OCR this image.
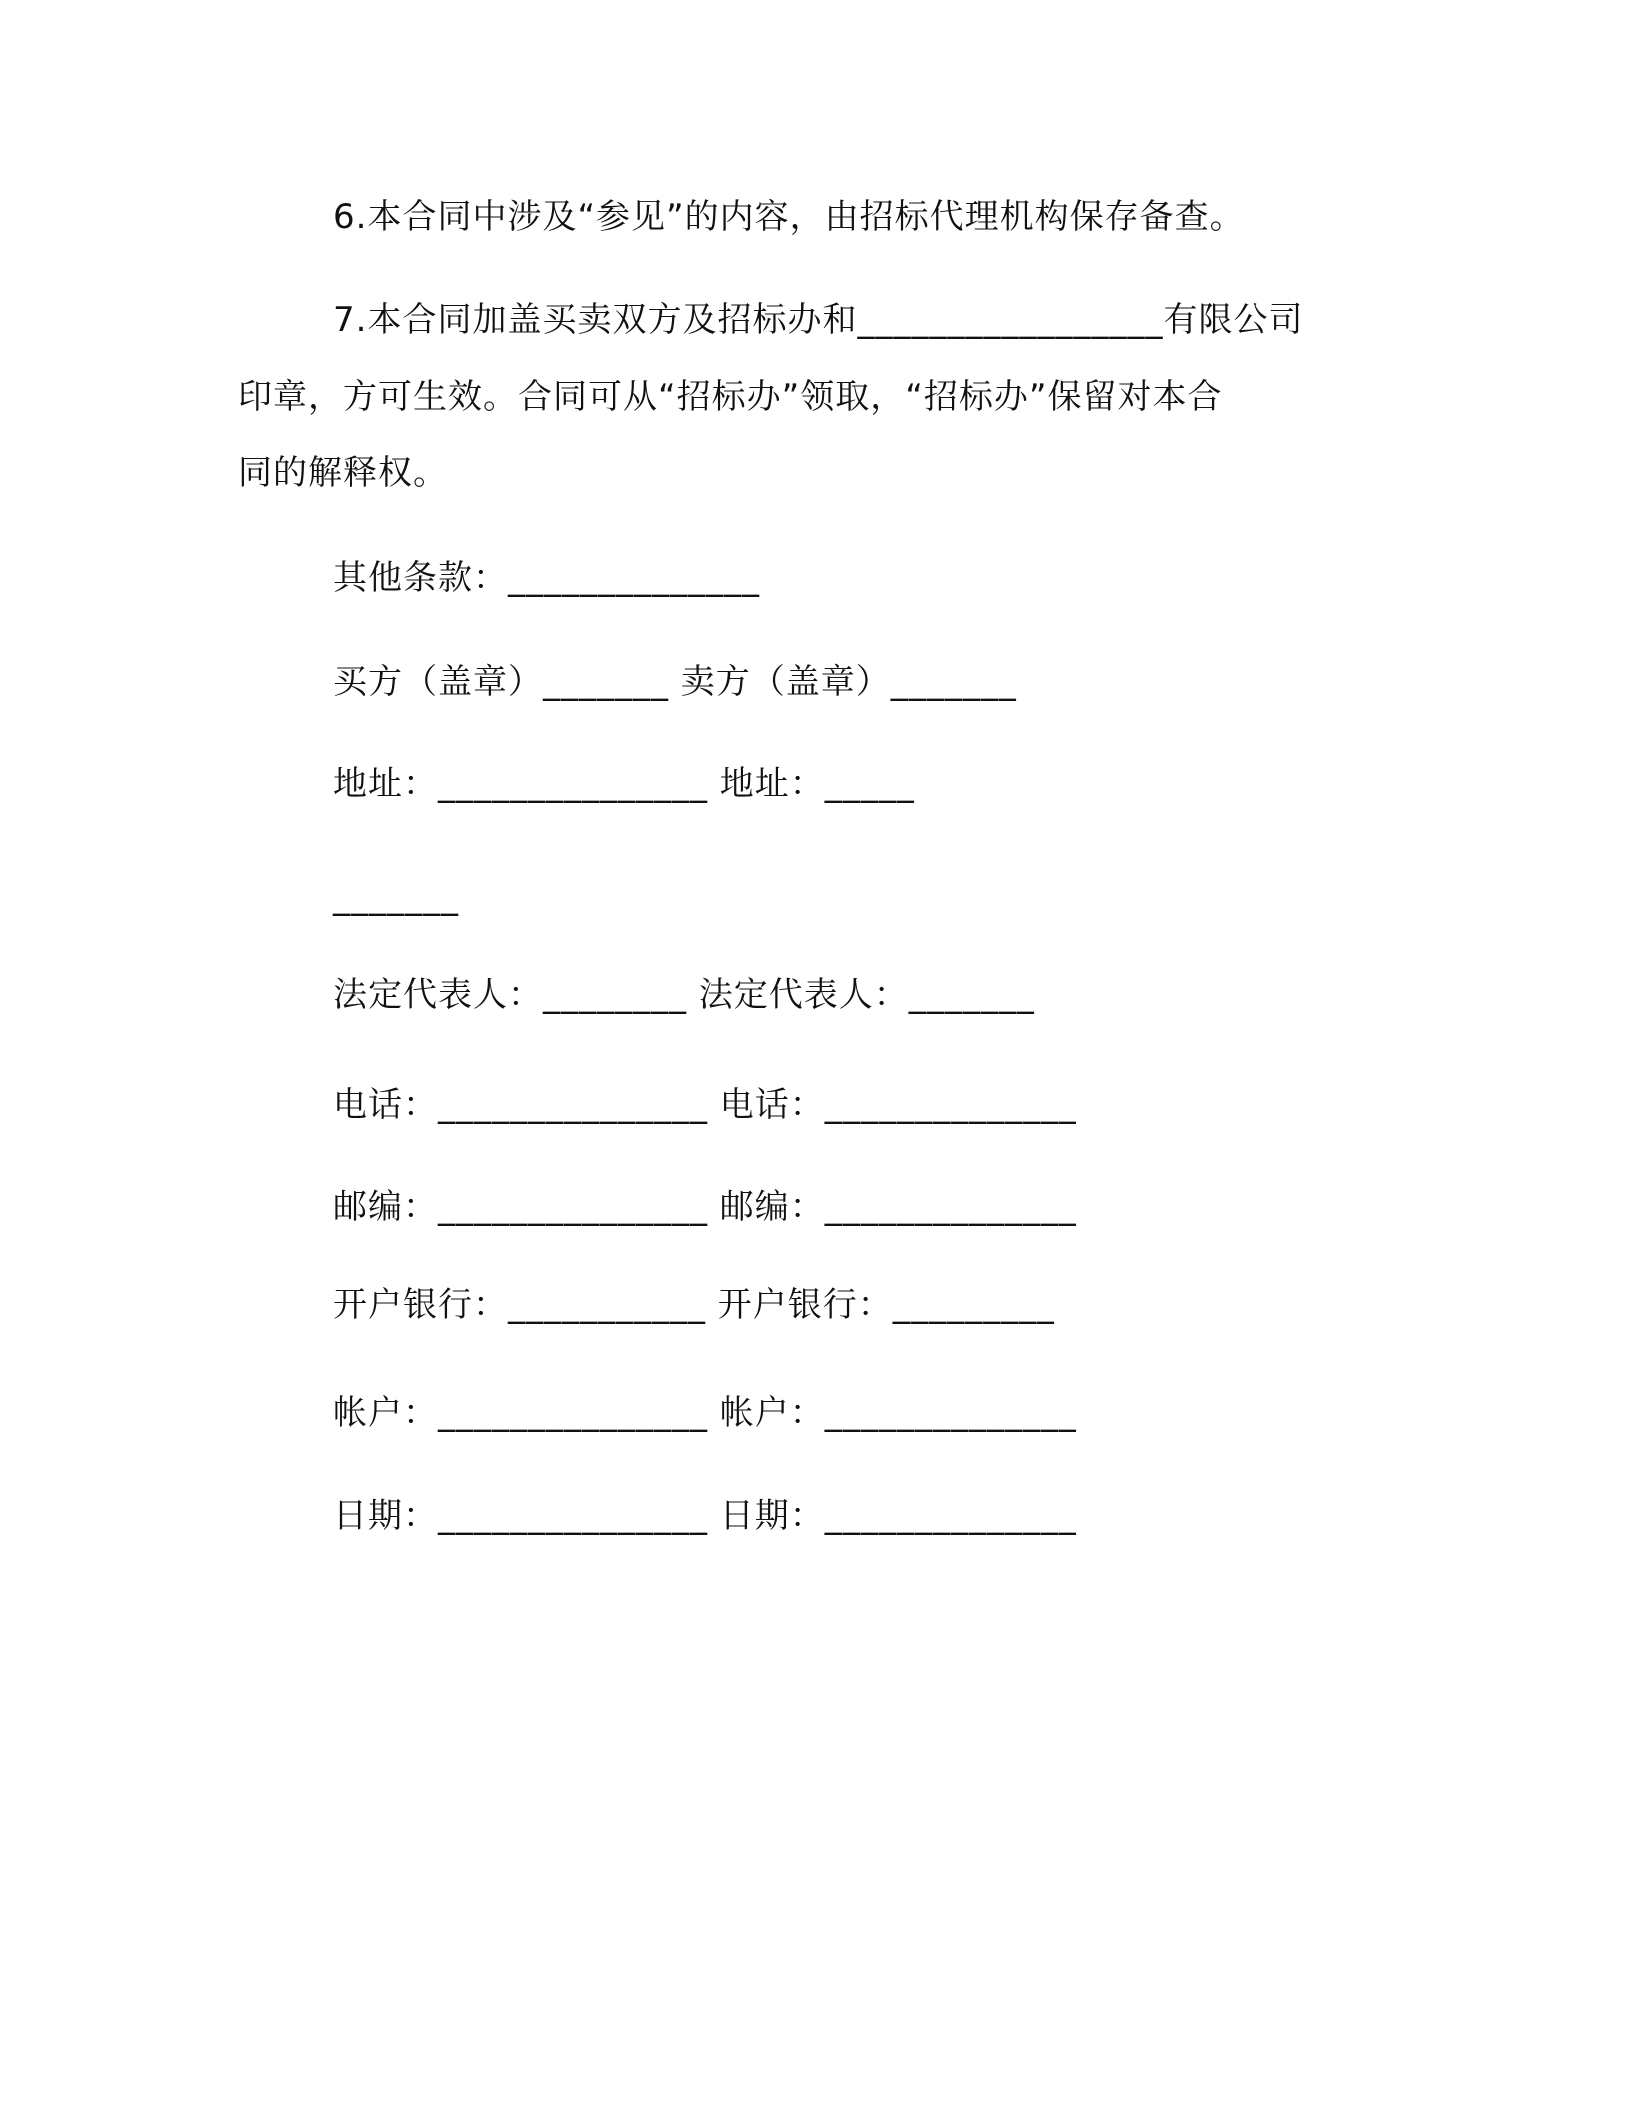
6.本合同中涉及“参见”的内容，由招标代理机构保存备查。
7.本合同加盖买卖双方及招标办和_________________有限公司
印章，方可生效。合同可从“招标办”领取，“招标办”保留对本合
同的解释权。
其他条款：______________
买方（盖章）_______ 卖方（盖章）_______
地址：_______________ 地址：_____
_______
法定代表人：________ 法定代表人：_______
电话：_______________ 电话：______________
邮编：_______________ 邮编：______________
开户银行：___________ 开户银行：_________
帐户：_______________ 帐户：______________
日期：_______________ 日期：______________
